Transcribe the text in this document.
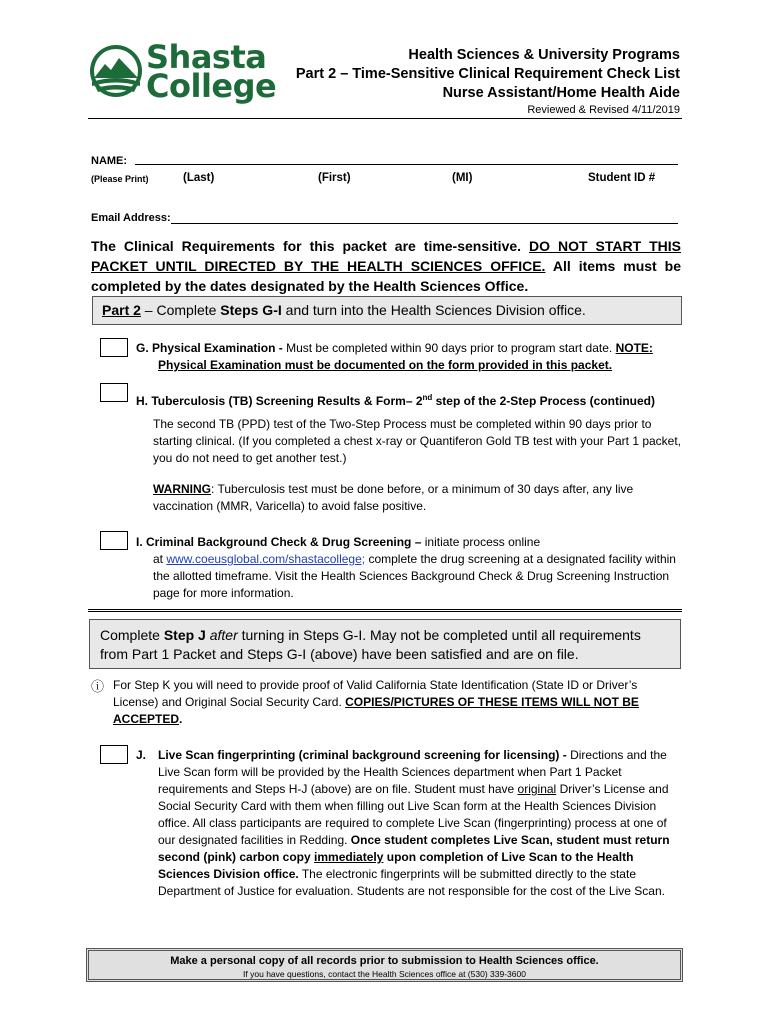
Shasta
College
Health Sciences & University Programs
Part 2 – Time-Sensitive Clinical Requirement Check List
Nurse Assistant/Home Health Aide
Reviewed & Revised 4/11/2019
NAME:
(Please Print)	(Last)	(First)	(MI)	Student ID #
Email Address:
The Clinical Requirements for this packet are time-sensitive. DO NOT START THIS PACKET UNTIL DIRECTED BY THE HEALTH SCIENCES OFFICE. All items must be completed by the dates designated by the Health Sciences Office.
Part 2 – Complete Steps G-I and turn into the Health Sciences Division office.
G. Physical Examination - Must be completed within 90 days prior to program start date. NOTE:
Physical Examination must be documented on the form provided in this packet.
H. Tuberculosis (TB) Screening Results & Form– 2nd step of the 2-Step Process (continued)
The second TB (PPD) test of the Two-Step Process must be completed within 90 days prior to starting clinical. (If you completed a chest x-ray or Quantiferon Gold TB test with your Part 1 packet, you do not need to get another test.)
WARNING: Tuberculosis test must be done before, or a minimum of 30 days after, any live vaccination (MMR, Varicella) to avoid false positive.
I. Criminal Background Check & Drug Screening – initiate process online
at www.coeusglobal.com/shastacollege; complete the drug screening at a designated facility within the allotted timeframe. Visit the Health Sciences Background Check & Drug Screening Instruction page for more information.
Complete Step J after turning in Steps G-I. May not be completed until all requirements from Part 1 Packet and Steps G-I (above) have been satisfied and are on file.
ⓘ For Step K you will need to provide proof of Valid California State Identification (State ID or Driver’s License) and Original Social Security Card. COPIES/PICTURES OF THESE ITEMS WILL NOT BE ACCEPTED.
J. Live Scan fingerprinting (criminal background screening for licensing) - Directions and the Live Scan form will be provided by the Health Sciences department when Part 1 Packet requirements and Steps H-J (above) are on file. Student must have original Driver’s License and Social Security Card with them when filling out Live Scan form at the Health Sciences Division office. All class participants are required to complete Live Scan (fingerprinting) process at one of our designated facilities in Redding. Once student completes Live Scan, student must return second (pink) carbon copy immediately upon completion of Live Scan to the Health Sciences Division office. The electronic fingerprints will be submitted directly to the state Department of Justice for evaluation. Students are not responsible for the cost of the Live Scan.
Make a personal copy of all records prior to submission to Health Sciences office.
If you have questions, contact the Health Sciences office at (530) 339-3600
